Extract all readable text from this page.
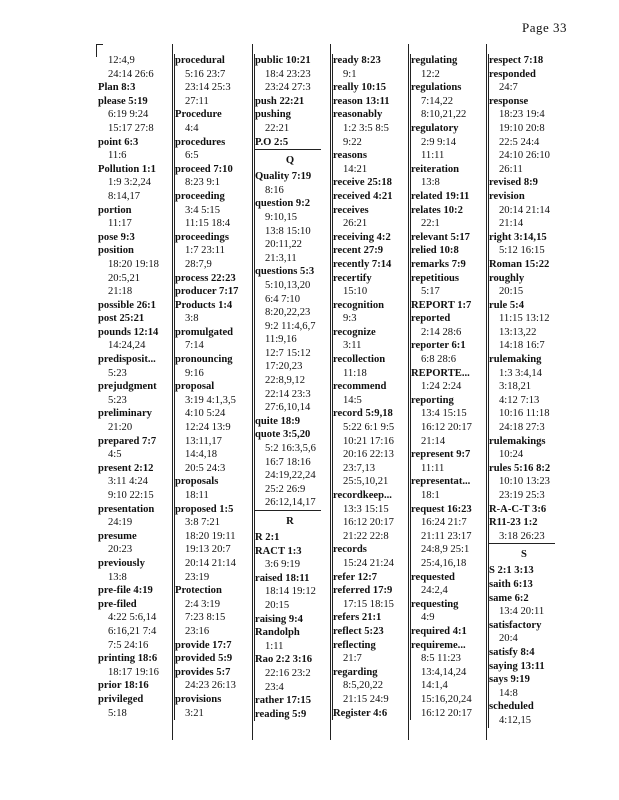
Page 33
12:4,9
24:14 26:6
Plan 8:3
please 5:19
6:19 9:24
15:17 27:8
point 6:3
11:6
Pollution 1:1
1:9 3:2,24
8:14,17
portion
11:17
pose 9:3
position
18:20 19:18
20:5,21
21:18
possible 26:1
post 25:21
pounds 12:14
14:24,24
predisposit...
5:23
prejudgment
5:23
preliminary
21:20
prepared 7:7
4:5
present 2:12
3:11 4:24
9:10 22:15
presentation
24:19
presume
20:23
previously
13:8
pre-file 4:19
pre-filed
4:22 5:6,14
6:16,21 7:4
7:5 24:16
printing 18:6
18:17 19:16
prior 18:16
privileged
5:18
procedural
5:16 23:7
23:14 25:3
27:11
Procedure
4:4
procedures
6:5
proceed 7:10
8:23 9:1
proceeding
3:4 5:15
11:15 18:4
proceedings
1:7 23:11
28:7,9
process 22:23
producer 7:17
Products 1:4
3:8
promulgated
7:14
pronouncing
9:16
proposal
3:19 4:1,3,5
4:10 5:24
12:24 13:9
13:11,17
14:4,18
20:5 24:3
proposals
18:11
proposed 1:5
3:8 7:21
18:20 19:11
19:13 20:7
20:14 21:14
23:19
Protection
2:4 3:19
7:23 8:15
23:16
provide 17:7
provided 5:9
provides 5:7
24:23 26:13
provisions
3:21
public 10:21
18:4 23:23
23:24 27:3
push 22:21
pushing
22:21
P.O 2:5
Q
Quality 7:19
8:16
question 9:2
9:10,15
13:8 15:10
20:11,22
21:3,11
questions 5:3
5:10,13,20
6:4 7:10
8:20,22,23
9:2 11:4,6,7
11:9,16
12:7 15:12
17:20,23
22:8,9,12
22:14 23:3
27:6,10,14
quite 18:9
quote 3:5,20
5:2 16:3,5,6
16:7 18:16
24:19,22,24
25:2 26:9
26:12,14,17
R
R 2:1
RACT 1:3
3:6 9:19
raised 18:11
18:14 19:12
20:15
raising 9:4
Randolph
1:11
Rao 2:2 3:16
22:16 23:2
23:4
rather 17:15
reading 5:9
ready 8:23
9:1
really 10:15
reason 13:11
reasonably
1:2 3:5 8:5
9:22
reasons
14:21
receive 25:18
received 4:21
receives
26:21
receiving 4:2
recent 27:9
recently 7:14
recertify
15:10
recognition
9:3
recognize
3:11
recollection
11:18
recommend
14:5
record 5:9,18
5:22 6:1 9:5
10:21 17:16
20:16 22:13
23:7,13
25:5,10,21
recordkeep...
13:3 15:15
16:12 20:17
21:22 22:8
records
15:24 21:24
refer 12:7
referred 17:9
17:15 18:15
refers 21:1
reflect 5:23
reflecting
21:7
regarding
8:5,20,22
21:15 24:9
Register 4:6
regulating
12:2
regulations
7:14,22
8:10,21,22
regulatory
2:9 9:14
11:11
reiteration
13:8
related 19:11
relates 10:2
22:1
relevant 5:17
relied 10:8
remarks 7:9
repetitious
5:17
REPORT 1:7
reported
2:14 28:6
reporter 6:1
6:8 28:6
REPORTE...
1:24 2:24
reporting
13:4 15:15
16:12 20:17
21:14
represent 9:7
11:11
representat...
18:1
request 16:23
16:24 21:7
21:11 23:17
24:8,9 25:1
25:4,16,18
requested
24:2,4
requesting
4:9
required 4:1
requireme...
8:5 11:23
13:4,14,24
14:1,4
15:16,20,24
16:12 20:17
respect 7:18
responded
24:7
response
18:23 19:4
19:10 20:8
22:5 24:4
24:10 26:10
26:11
revised 8:9
revision
20:14 21:14
21:14
right 3:14,15
5:12 16:15
Roman 15:22
roughly
20:15
rule 5:4
11:15 13:12
13:13,22
14:18 16:7
rulemaking
1:3 3:4,14
3:18,21
4:12 7:13
10:16 11:18
24:18 27:3
rulemakings
10:24
rules 5:16 8:2
10:10 13:23
23:19 25:3
R-A-C-T 3:6
R11-23 1:2
3:18 26:23
S
S 2:1 3:13
saith 6:13
same 6:2
13:4 20:11
satisfactory
20:4
satisfy 8:4
saying 13:11
says 9:19
14:8
scheduled
4:12,15
